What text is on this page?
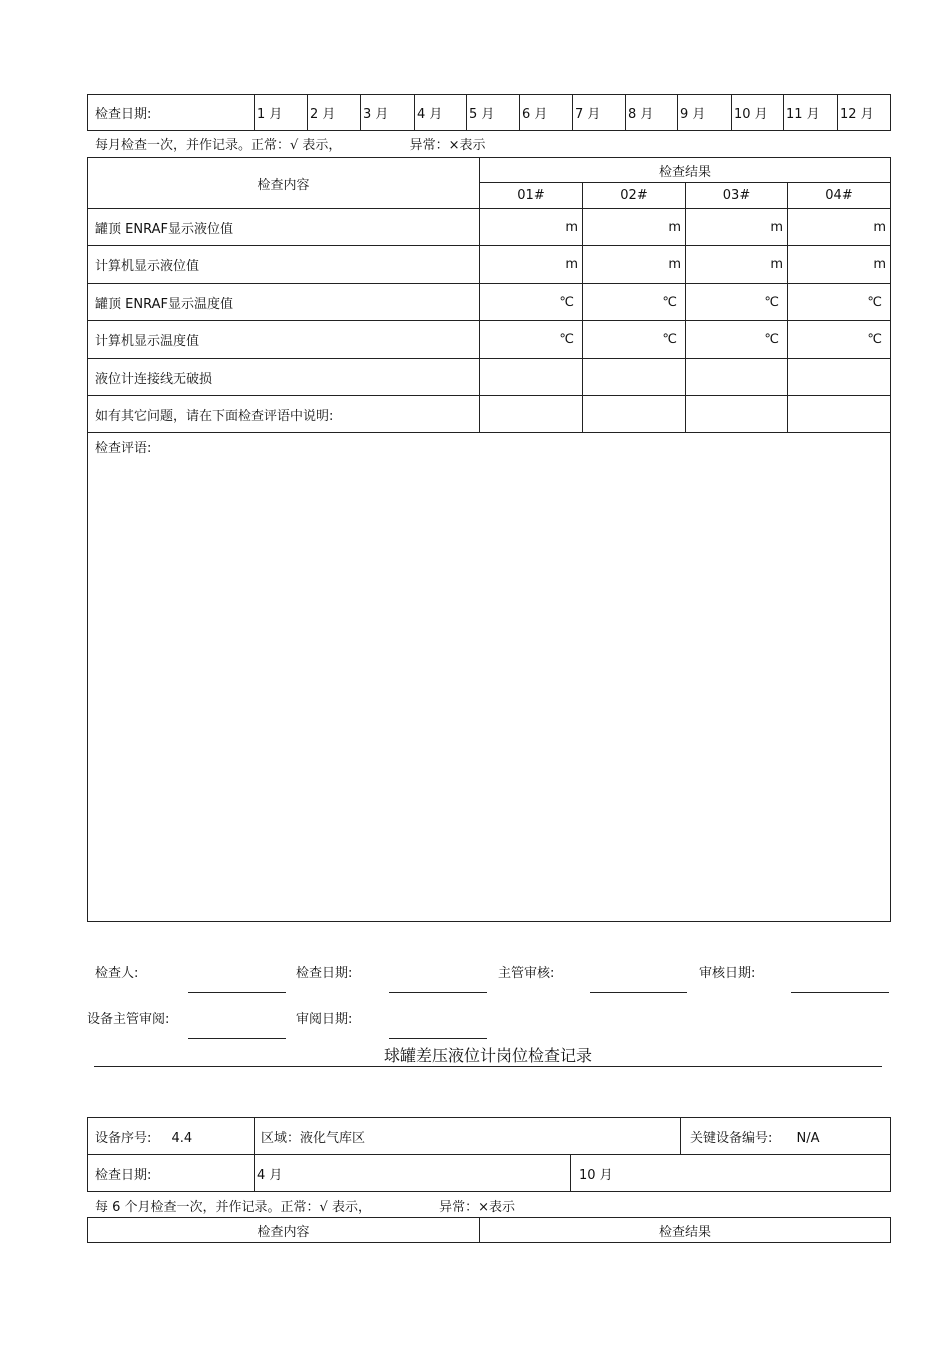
检查日期:	1 月	2 月	3 月	4 月	5 月	6 月	7 月	8 月	9 月	10 月	11 月	12 月
每月检查一次，并作记录。正常：√ 表示，	异常：×表示
检查内容	检查结果			
	01#	02#	03#	04#
罐顶 ENRAF显示液位值	m	m	m	m
计算机显示液位值	m	m	m	m
罐顶 ENRAF显示温度值	℃	℃	℃	℃
计算机显示温度值	℃	℃	℃	℃
液位计连接线无破损				
如有其它问题，请在下面检查评语中说明:				
检查评语:				
检查人:	检查日期:	主管审核:	审核日期:
设备主管审阅:	审阅日期:
球罐差压液位计岗位检查记录
设备序号: 4.4	区域：液化气库区		关键设备编号: N/A
检查日期:	4 月	10 月	
每 6 个月检查一次，并作记录。正常：√ 表示，	异常：×表示
检查内容	检查结果
